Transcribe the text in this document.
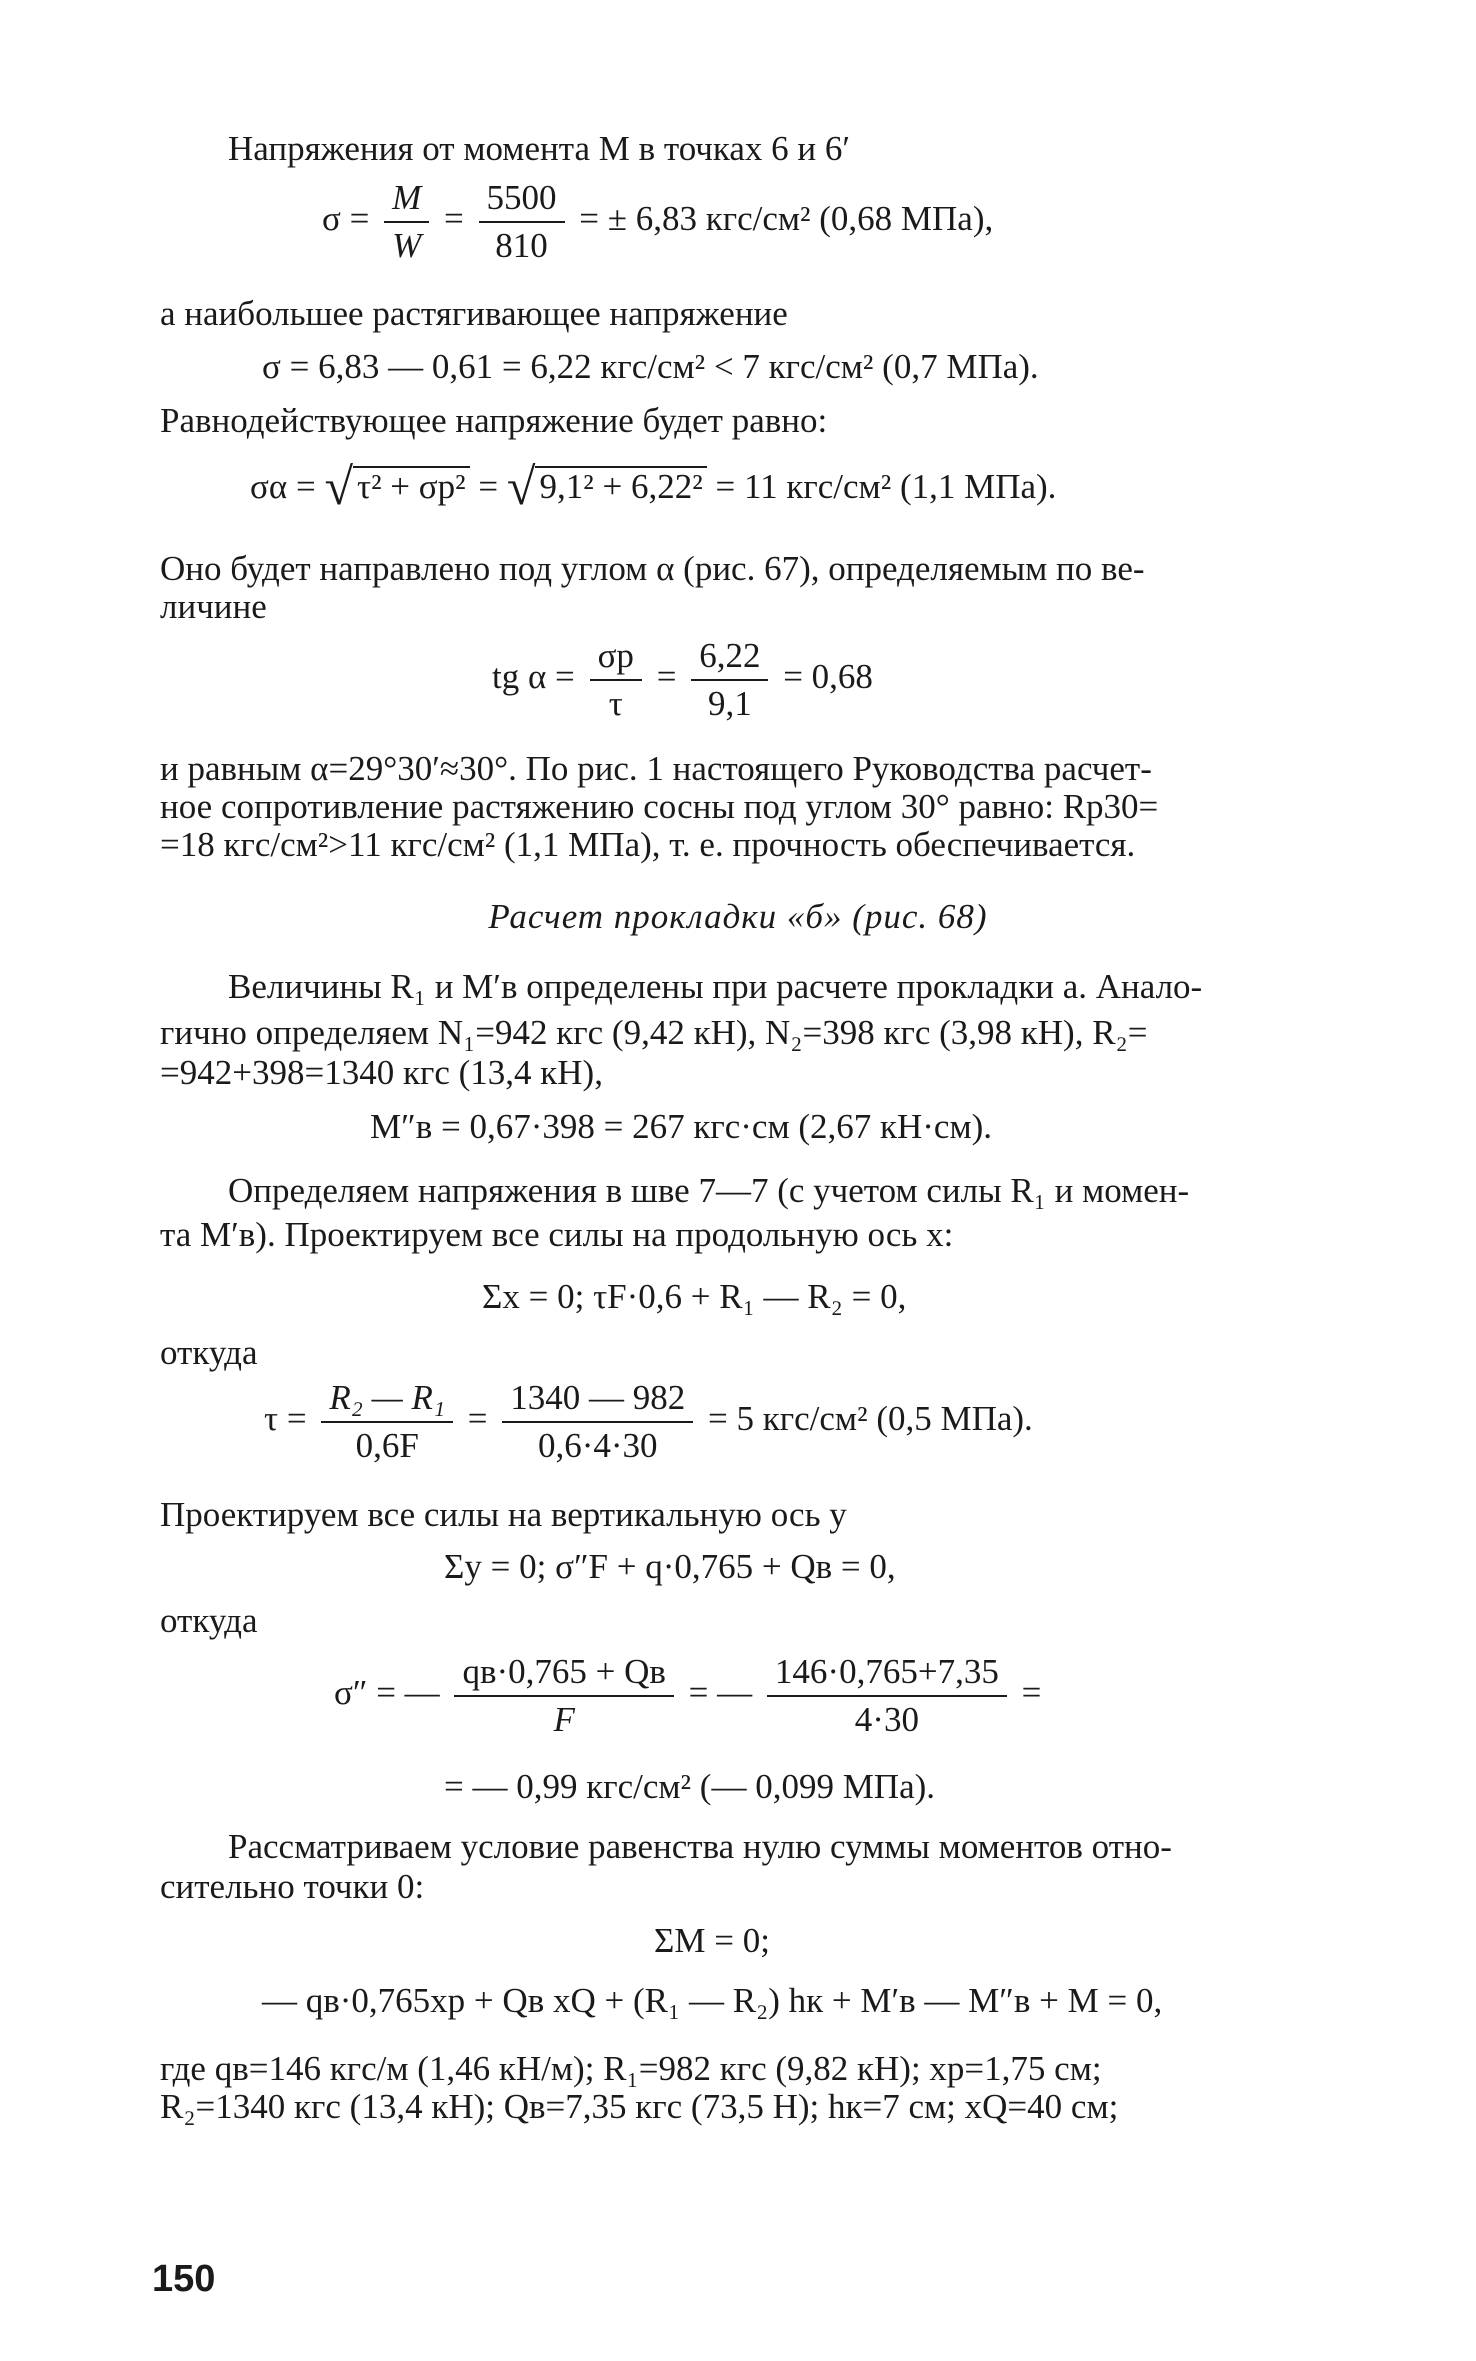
Напряжения от момента M в точках 6 и 6′
$\sigma = \frac{M}{W} = \frac{5500}{810}$ = ± 6,83 кгс/см² (0,68 МПа),
а наибольшее растягивающее напряжение
σ = 6,83 — 0,61 = 6,22 кгс/см² < 7 кгс/см² (0,7 МПа).
Равнодействующее напряжение будет равно:
σα = √ τ² + σр² = √ 9,1² + 6,22² = 11 кгс/см² (1,1 МПа).
Оно будет направлено под углом α (рис. 67), определяемым по ве-
личине
tg $\alpha = \frac{\sigma р}{\tau} = \frac{6,22}{9,1} = 0,68$
и равным α=29°30′≈30°. По рис. 1 настоящего Руководства расчет-
ное сопротивление растяжению сосны под углом 30° равно: Rр30=
=18 кгс/см²>11 кгс/см² (1,1 МПа), т. е. прочность обеспечивается.
Расчет прокладки «б» (рис. 68)
Величины R₁ и M′в определены при расчете прокладки а. Анало-
гично определяем N₁=942 кгс (9,42 кН), N₂=398 кгс (3,98 кН), R₂=
=942+398=1340 кгс (13,4 кН),
M″в = 0,67·398 = 267 кгс·см (2,67 кН·см).
Определяем напряжения в шве 7—7 (с учетом силы R₁ и момен-
та M′в). Проектируем все силы на продольную ось x:
Σx = 0; τF·0,6 + R₁ — R₂ = 0,
откуда
$\tau = \frac{\text{R₂ — R₁}}{0,6F} = \frac{1340 — 982}{0,6\cdot 4\cdot 30} = 5$ кгс/см² (0,5 МПа).
Проектируем все силы на вертикальную ось y
Σy = 0; σ″F + q·0,765 + Qв = 0,
откуда
σ″ = — $\frac{qв\cdot 0,765 + Qв}{F}$ = — $\frac{146\cdot 0,765+7,35}{4\cdot 30}$ =
= — 0,99 кгс/см² (— 0,099 МПа).
Рассматриваем условие равенства нулю суммы моментов отно-
сительно точки 0:
ΣM = 0;
— qв·0,765xр + Qв xQ + (R₁ — R₂) hк + M′в — M″в + M = 0,
где qв=146 кгс/м (1,46 кН/м); R₁=982 кгс (9,82 кН); xр=1,75 см;
R₂=1340 кгс (13,4 кН); Qв=7,35 кгс (73,5 Н); hк=7 см; xQ=40 см;
150
